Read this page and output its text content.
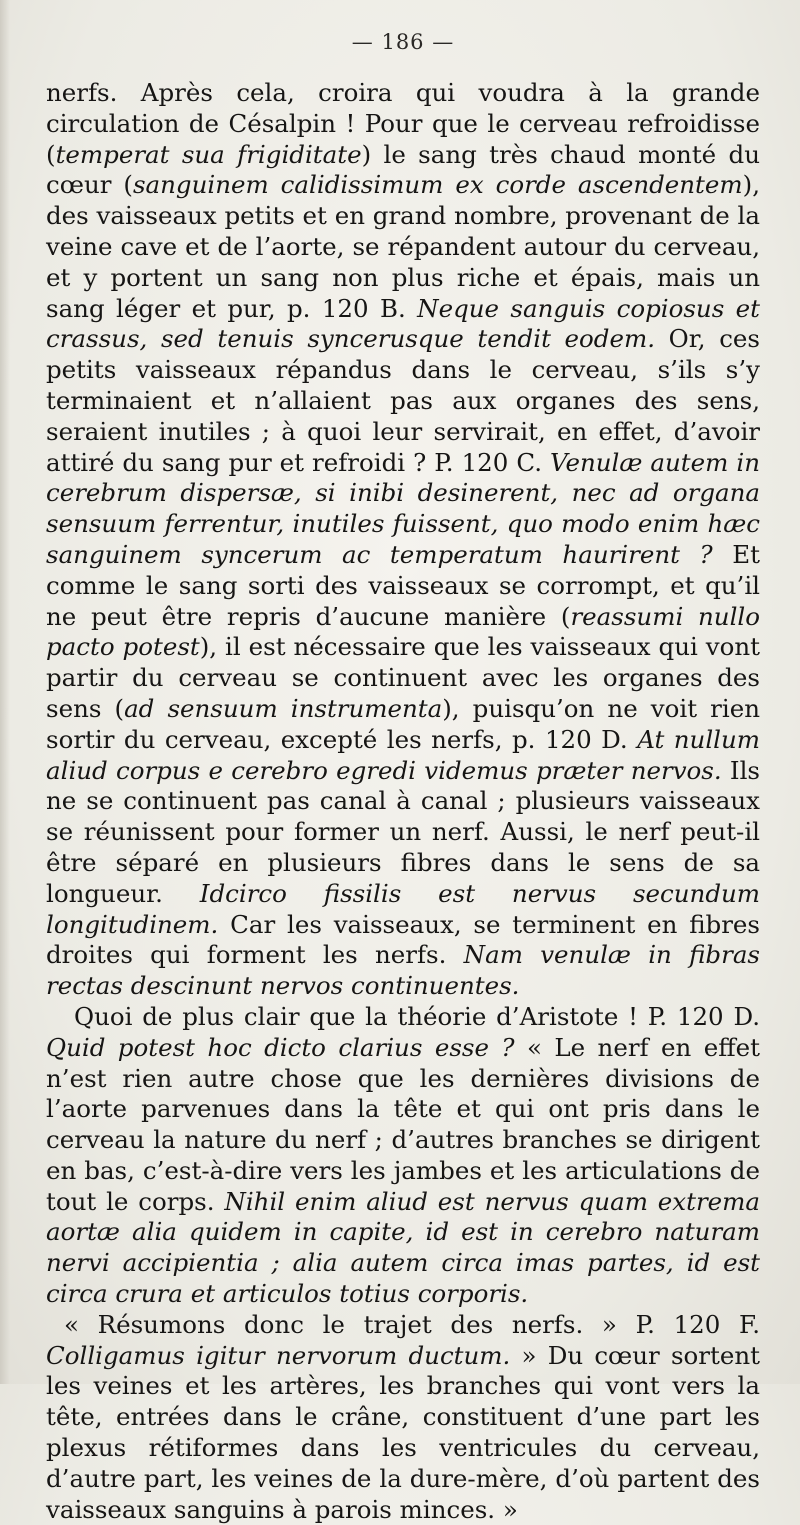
— 186 —

nerfs. Après cela, croira qui voudra à la grande circulation de Césalpin ! Pour que le cerveau refroidisse (temperat sua frigiditate) le sang très chaud monté du cœur (sanguinem calidissimum ex corde ascendentem), des vaisseaux petits et en grand nombre, provenant de la veine cave et de l’aorte, se répandent autour du cerveau, et y portent un sang non plus riche et épais, mais un sang léger et pur, p. 120 B. Neque sanguis copiosus et crassus, sed tenuis syncerusque tendit eodem. Or, ces petits vaisseaux répandus dans le cerveau, s’ils s’y terminaient et n’allaient pas aux organes des sens, seraient inutiles ; à quoi leur servirait, en effet, d’avoir attiré du sang pur et refroidi ? P. 120 C. Venulæ autem in cerebrum dispersæ, si inibi desinerent, nec ad organa sensuum ferrentur, inutiles fuissent, quo modo enim hæc sanguinem syncerum ac temperatum haurirent ? Et comme le sang sorti des vaisseaux se corrompt, et qu’il ne peut être repris d’aucune manière (reassumi nullo pacto potest), il est nécessaire que les vaisseaux qui vont partir du cerveau se continuent avec les organes des sens (ad sensuum instrumenta), puisqu’on ne voit rien sortir du cerveau, excepté les nerfs, p. 120 D. At nullum aliud corpus e cerebro egredi videmus præter nervos. Ils ne se continuent pas canal à canal ; plusieurs vaisseaux se réunissent pour former un nerf. Aussi, le nerf peut-il être séparé en plusieurs fibres dans le sens de sa longueur. Idcirco fissilis est nervus secundum longitudinem. Car les vaisseaux, se terminent en fibres droites qui forment les nerfs. Nam venulæ in fibras rectas descinunt nervos continuentes.

Quoi de plus clair que la théorie d’Aristote ! P. 120 D. Quid potest hoc dicto clarius esse ? « Le nerf en effet n’est rien autre chose que les dernières divisions de l’aorte parvenues dans la tête et qui ont pris dans le cerveau la nature du nerf ; d’autres branches se dirigent en bas, c’est-à-dire vers les jambes et les articulations de tout le corps. Nihil enim aliud est nervus quam extrema aortæ alia quidem in capite, id est in cerebro naturam nervi accipientia ; alia autem circa imas partes, id est circa crura et articulos totius corporis.

« Résumons donc le trajet des nerfs. » P. 120 F. Colligamus igitur nervorum ductum. » Du cœur sortent les veines et les artères, les branches qui vont vers la tête, entrées dans le crâne, constituent d’une part les plexus rétiformes dans les ventricules du cerveau, d’autre part, les veines de la dure-mère, d’où partent des vaisseaux sanguins à parois minces. »
